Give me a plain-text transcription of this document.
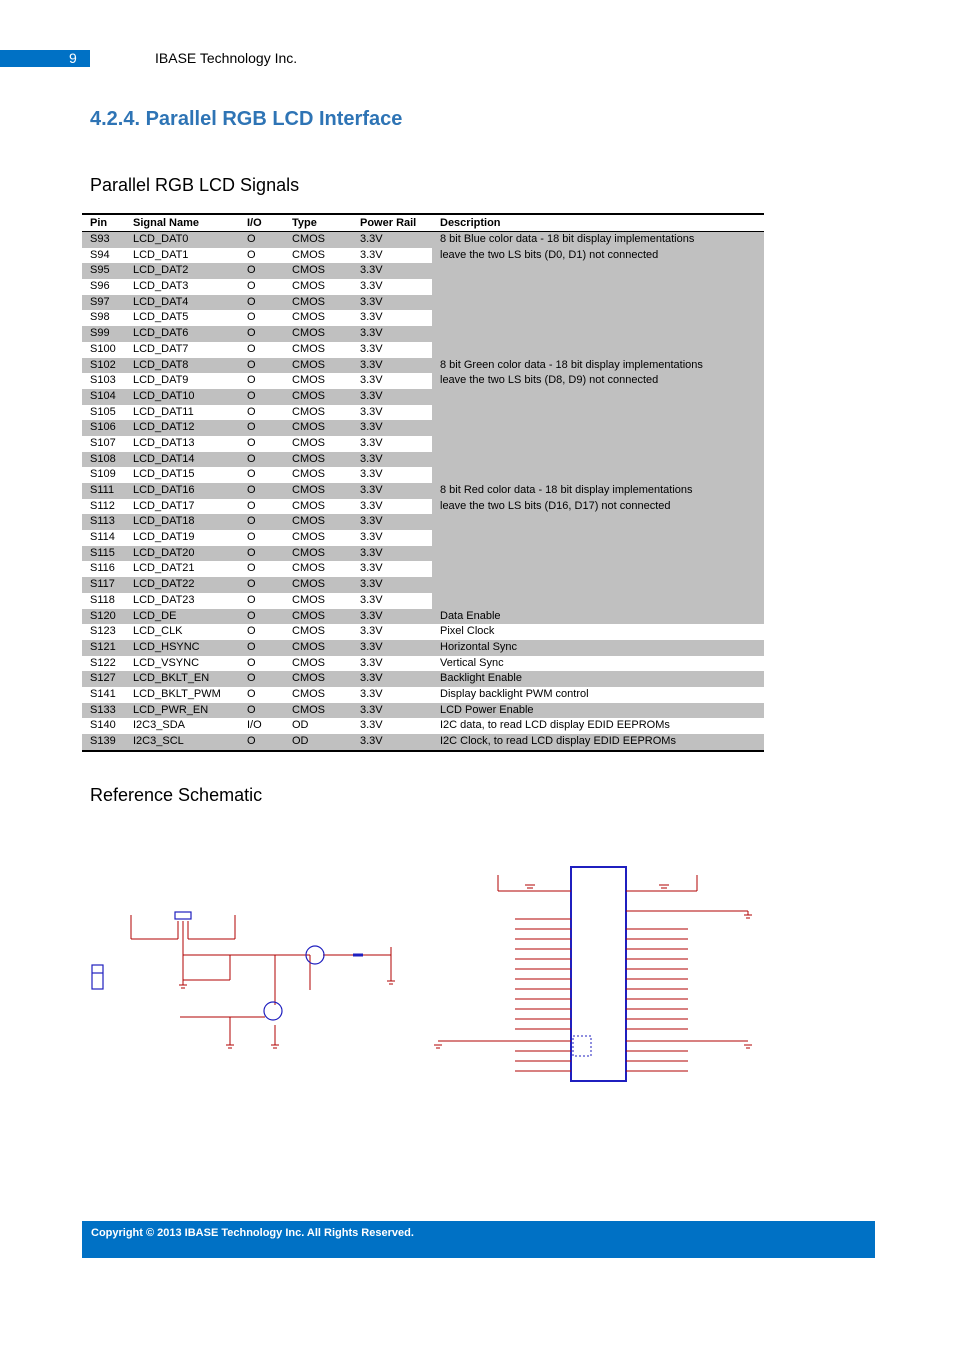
9	IBASE Technology Inc.
4.2.4. Parallel RGB LCD Interface
Parallel RGB LCD Signals
Pin	Signal Name	I/O	Type	Power Rail	Description
S93	LCD_DAT0	O	CMOS	3.3V	8 bit Blue color data - 18 bit display implementations
S94	LCD_DAT1	O	CMOS	3.3V	leave the two LS bits (D0, D1) not connected
S95	LCD_DAT2	O	CMOS	3.3V	
S96	LCD_DAT3	O	CMOS	3.3V	
S97	LCD_DAT4	O	CMOS	3.3V	
S98	LCD_DAT5	O	CMOS	3.3V	
S99	LCD_DAT6	O	CMOS	3.3V	
S100	LCD_DAT7	O	CMOS	3.3V	
S102	LCD_DAT8	O	CMOS	3.3V	8 bit Green color data - 18 bit display implementations
S103	LCD_DAT9	O	CMOS	3.3V	leave the two LS bits (D8, D9) not connected
S104	LCD_DAT10	O	CMOS	3.3V	
S105	LCD_DAT11	O	CMOS	3.3V	
S106	LCD_DAT12	O	CMOS	3.3V	
S107	LCD_DAT13	O	CMOS	3.3V	
S108	LCD_DAT14	O	CMOS	3.3V	
S109	LCD_DAT15	O	CMOS	3.3V	
S111	LCD_DAT16	O	CMOS	3.3V	8 bit Red color data - 18 bit display implementations
S112	LCD_DAT17	O	CMOS	3.3V	leave the two LS bits (D16, D17) not connected
S113	LCD_DAT18	O	CMOS	3.3V	
S114	LCD_DAT19	O	CMOS	3.3V	
S115	LCD_DAT20	O	CMOS	3.3V	
S116	LCD_DAT21	O	CMOS	3.3V	
S117	LCD_DAT22	O	CMOS	3.3V	
S118	LCD_DAT23	O	CMOS	3.3V	
S120	LCD_DE	O	CMOS	3.3V	Data Enable
S123	LCD_CLK	O	CMOS	3.3V	Pixel Clock
S121	LCD_HSYNC	O	CMOS	3.3V	Horizontal Sync
S122	LCD_VSYNC	O	CMOS	3.3V	Vertical Sync
S127	LCD_BKLT_EN	O	CMOS	3.3V	Backlight Enable
S141	LCD_BKLT_PWM	O	CMOS	3.3V	Display backlight PWM control
S133	LCD_PWR_EN	O	CMOS	3.3V	LCD Power Enable
S140	I2C3_SDA	I/O	OD	3.3V	I2C data, to read LCD display EDID EEPROMs
S139	I2C3_SCL	O	OD	3.3V	I2C Clock, to read LCD display EDID EEPROMs
Reference Schematic
Copyright © 2013 IBASE Technology Inc. All Rights Reserved.
